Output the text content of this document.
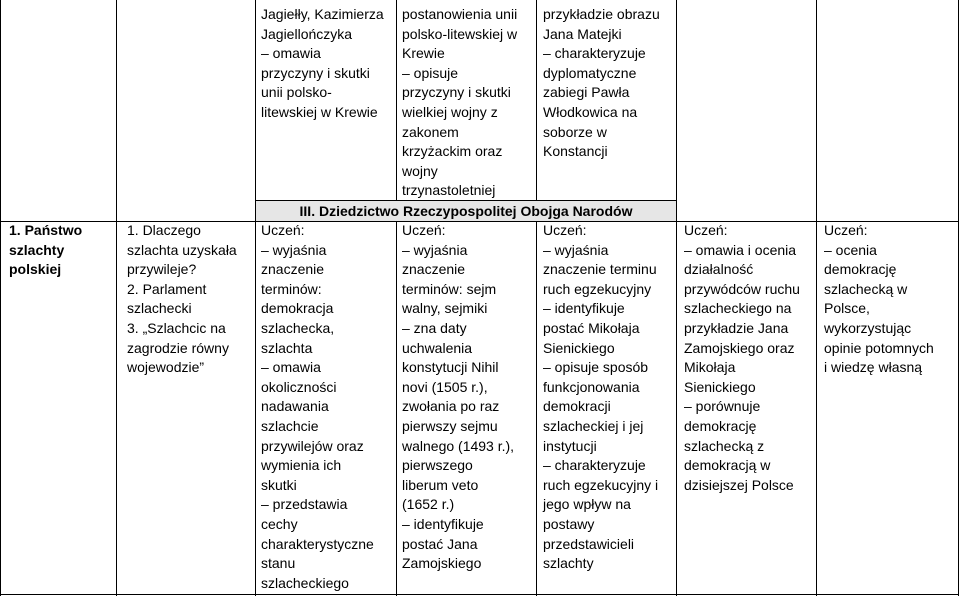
III. Dziedzictwo Rzeczypospolitej Obojga Narodów
Jagiełły, Kazimierza
Jagiellończyka
– omawia
przyczyny i skutki
unii polsko-
litewskiej w Krewie
postanowienia unii
polsko-litewskiej w
Krewie
– opisuje
przyczyny i skutki
wielkiej wojny z
zakonem
krzyżackim oraz
wojny
trzynastoletniej
przykładzie obrazu
Jana Matejki
– charakteryzuje
dyplomatyczne
zabiegi Pawła
Włodkowica na
soborze w
Konstancji
1. Państwo
szlachty
polskiej
1. Dlaczego
szlachta uzyskała
przywileje?
2. Parlament
szlachecki
3. „Szlachcic na
zagrodzie równy
wojewodzie”
Uczeń:
– wyjaśnia
znaczenie
terminów:
demokracja
szlachecka,
szlachta
– omawia
okoliczności
nadawania
szlachcie
przywilejów oraz
wymienia ich
skutki
– przedstawia
cechy
charakterystyczne
stanu
szlacheckiego
Uczeń:
– wyjaśnia
znaczenie
terminów: sejm
walny, sejmiki
– zna daty
uchwalenia
konstytucji Nihil
novi (1505 r.),
zwołania po raz
pierwszy sejmu
walnego (1493 r.),
pierwszego
liberum veto
(1652 r.)
– identyfikuje
postać Jana
Zamojskiego
Uczeń:
– wyjaśnia
znaczenie terminu
ruch egzekucyjny
– identyfikuje
postać Mikołaja
Sienickiego
– opisuje sposób
funkcjonowania
demokracji
szlacheckiej i jej
instytucji
– charakteryzuje
ruch egzekucyjny i
jego wpływ na
postawy
przedstawicieli
szlachty
Uczeń:
– omawia i ocenia
działalność
przywódców ruchu
szlacheckiego na
przykładzie Jana
Zamojskiego oraz
Mikołaja
Sienickiego
– porównuje
demokrację
szlachecką z
demokracją w
dzisiejszej Polsce
Uczeń:
– ocenia
demokrację
szlachecką w
Polsce,
wykorzystując
opinie potomnych
i wiedzę własną
